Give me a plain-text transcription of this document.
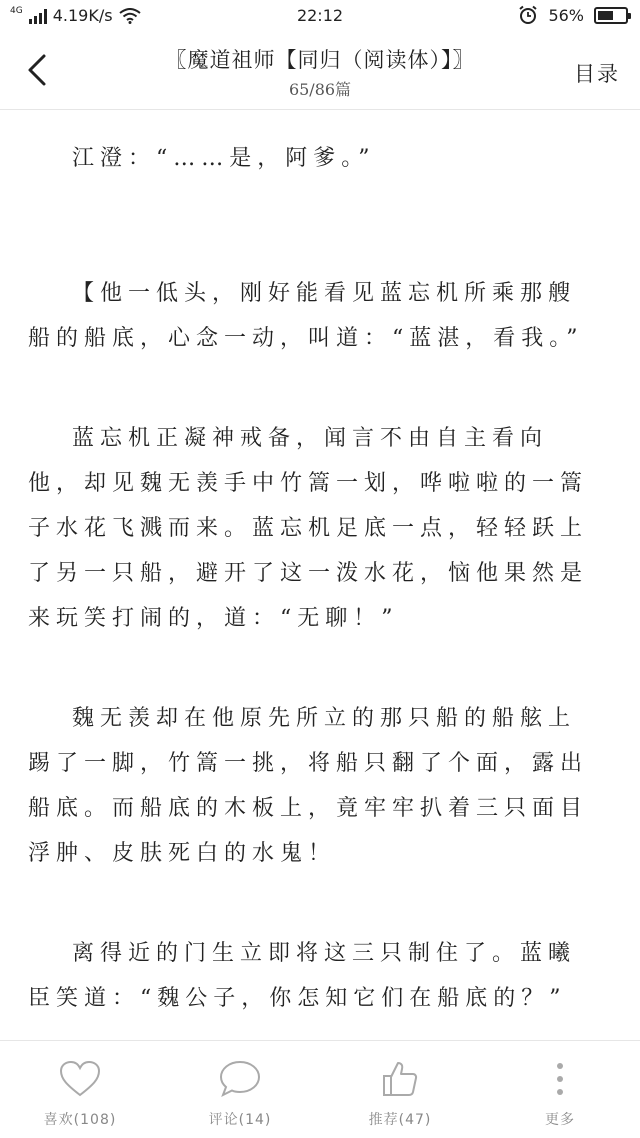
4G 4.19K/s	22:12	56%
〖魔道祖师【同归（阅读体）】〗
65/86篇
目录

江澄：“……是，阿爹。”

【他一低头，刚好能看见蓝忘机所乘那艘船的船底，心念一动，叫道：“蓝湛，看我。”

蓝忘机正凝神戒备，闻言不由自主看向他，却见魏无羡手中竹篙一划，哗啦啦的一篙子水花飞溅而来。蓝忘机足底一点，轻轻跃上了另一只船，避开了这一泼水花，恼他果然是来玩笑打闹的，道：“无聊！”

魏无羡却在他原先所立的那只船的船舷上踢了一脚，竹篙一挑，将船只翻了个面，露出船底。而船底的木板上，竟牢牢扒着三只面目浮肿、皮肤死白的水鬼！

离得近的门生立即将这三只制住了。蓝曦臣笑道：“魏公子，你怎知它们在船底的？”

喜欢(108)	评论(14)	推荐(47)	更多
